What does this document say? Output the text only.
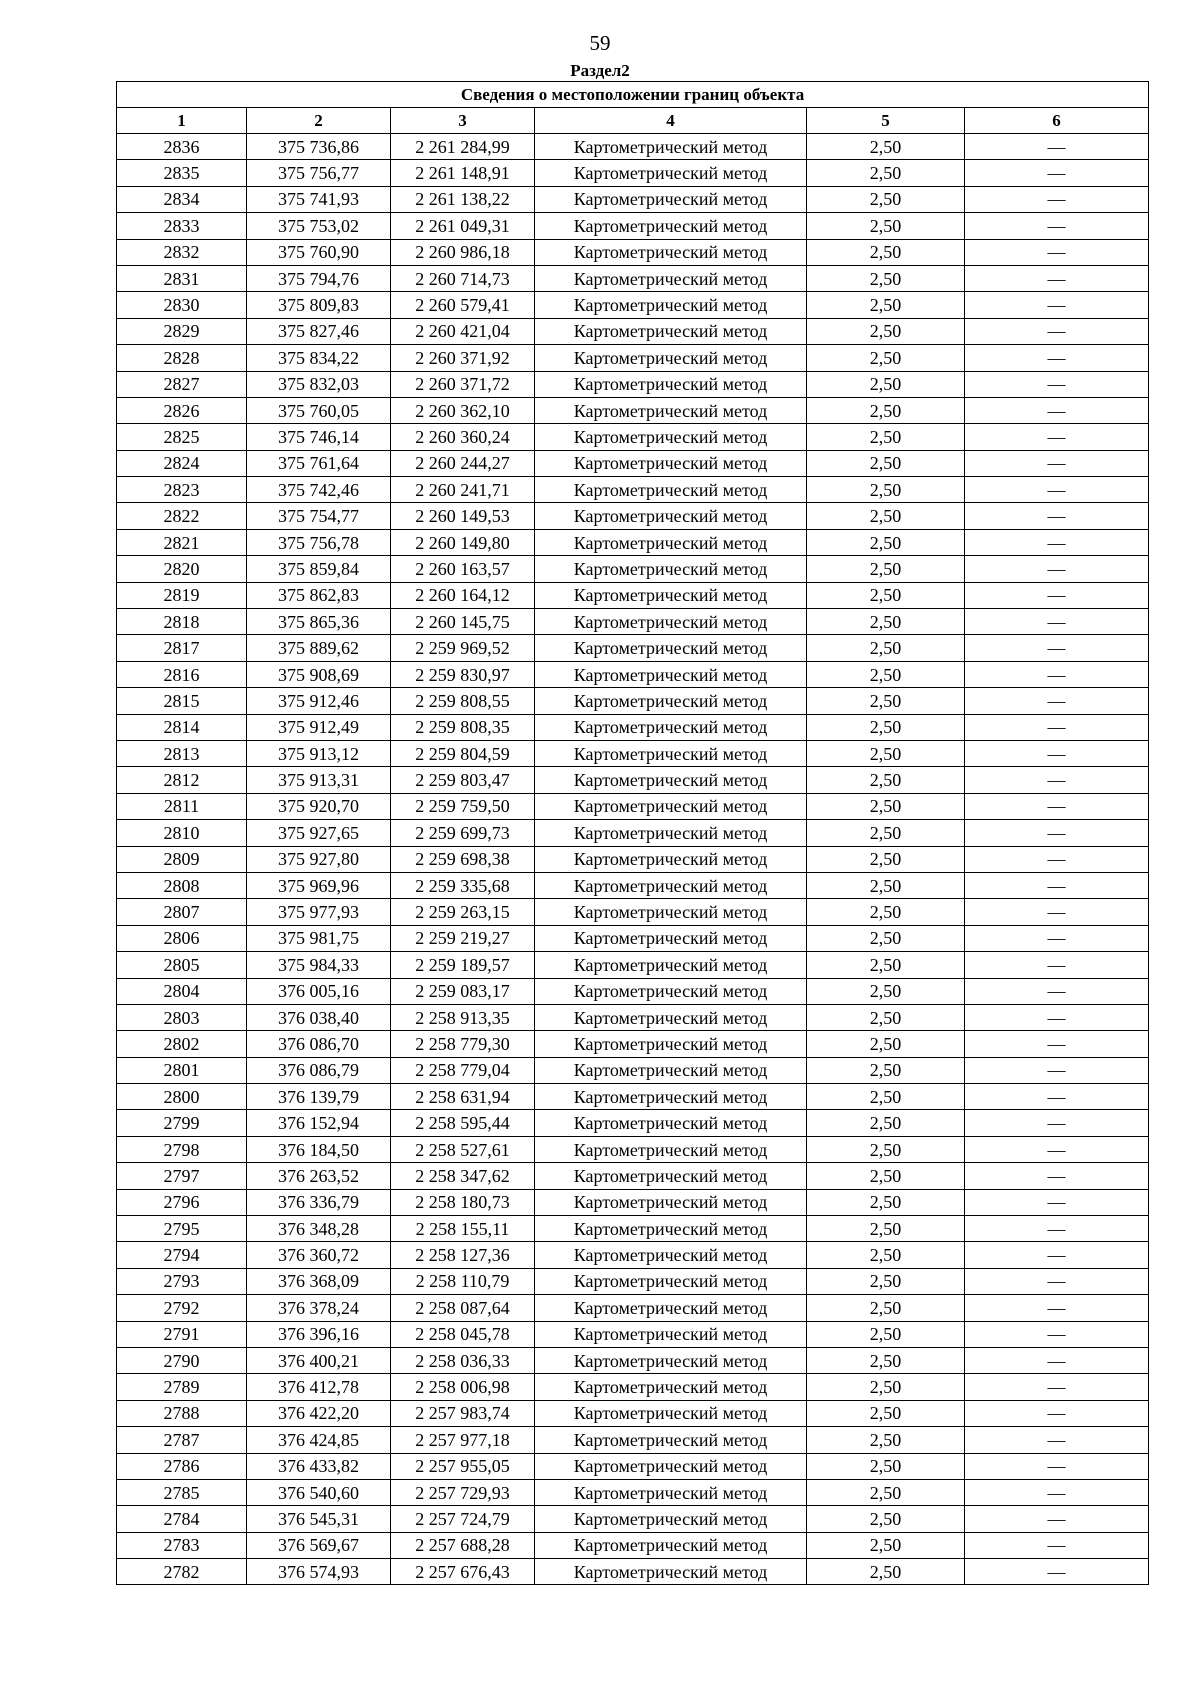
59
Раздел2
Сведения о местоположении границ объекта					
1	2	3	4	5	6
2836	375 736,86	2 261 284,99	Картометрический метод	2,50	—
2835	375 756,77	2 261 148,91	Картометрический метод	2,50	—
2834	375 741,93	2 261 138,22	Картометрический метод	2,50	—
2833	375 753,02	2 261 049,31	Картометрический метод	2,50	—
2832	375 760,90	2 260 986,18	Картометрический метод	2,50	—
2831	375 794,76	2 260 714,73	Картометрический метод	2,50	—
2830	375 809,83	2 260 579,41	Картометрический метод	2,50	—
2829	375 827,46	2 260 421,04	Картометрический метод	2,50	—
2828	375 834,22	2 260 371,92	Картометрический метод	2,50	—
2827	375 832,03	2 260 371,72	Картометрический метод	2,50	—
2826	375 760,05	2 260 362,10	Картометрический метод	2,50	—
2825	375 746,14	2 260 360,24	Картометрический метод	2,50	—
2824	375 761,64	2 260 244,27	Картометрический метод	2,50	—
2823	375 742,46	2 260 241,71	Картометрический метод	2,50	—
2822	375 754,77	2 260 149,53	Картометрический метод	2,50	—
2821	375 756,78	2 260 149,80	Картометрический метод	2,50	—
2820	375 859,84	2 260 163,57	Картометрический метод	2,50	—
2819	375 862,83	2 260 164,12	Картометрический метод	2,50	—
2818	375 865,36	2 260 145,75	Картометрический метод	2,50	—
2817	375 889,62	2 259 969,52	Картометрический метод	2,50	—
2816	375 908,69	2 259 830,97	Картометрический метод	2,50	—
2815	375 912,46	2 259 808,55	Картометрический метод	2,50	—
2814	375 912,49	2 259 808,35	Картометрический метод	2,50	—
2813	375 913,12	2 259 804,59	Картометрический метод	2,50	—
2812	375 913,31	2 259 803,47	Картометрический метод	2,50	—
2811	375 920,70	2 259 759,50	Картометрический метод	2,50	—
2810	375 927,65	2 259 699,73	Картометрический метод	2,50	—
2809	375 927,80	2 259 698,38	Картометрический метод	2,50	—
2808	375 969,96	2 259 335,68	Картометрический метод	2,50	—
2807	375 977,93	2 259 263,15	Картометрический метод	2,50	—
2806	375 981,75	2 259 219,27	Картометрический метод	2,50	—
2805	375 984,33	2 259 189,57	Картометрический метод	2,50	—
2804	376 005,16	2 259 083,17	Картометрический метод	2,50	—
2803	376 038,40	2 258 913,35	Картометрический метод	2,50	—
2802	376 086,70	2 258 779,30	Картометрический метод	2,50	—
2801	376 086,79	2 258 779,04	Картометрический метод	2,50	—
2800	376 139,79	2 258 631,94	Картометрический метод	2,50	—
2799	376 152,94	2 258 595,44	Картометрический метод	2,50	—
2798	376 184,50	2 258 527,61	Картометрический метод	2,50	—
2797	376 263,52	2 258 347,62	Картометрический метод	2,50	—
2796	376 336,79	2 258 180,73	Картометрический метод	2,50	—
2795	376 348,28	2 258 155,11	Картометрический метод	2,50	—
2794	376 360,72	2 258 127,36	Картометрический метод	2,50	—
2793	376 368,09	2 258 110,79	Картометрический метод	2,50	—
2792	376 378,24	2 258 087,64	Картометрический метод	2,50	—
2791	376 396,16	2 258 045,78	Картометрический метод	2,50	—
2790	376 400,21	2 258 036,33	Картометрический метод	2,50	—
2789	376 412,78	2 258 006,98	Картометрический метод	2,50	—
2788	376 422,20	2 257 983,74	Картометрический метод	2,50	—
2787	376 424,85	2 257 977,18	Картометрический метод	2,50	—
2786	376 433,82	2 257 955,05	Картометрический метод	2,50	—
2785	376 540,60	2 257 729,93	Картометрический метод	2,50	—
2784	376 545,31	2 257 724,79	Картометрический метод	2,50	—
2783	376 569,67	2 257 688,28	Картометрический метод	2,50	—
2782	376 574,93	2 257 676,43	Картометрический метод	2,50	—
